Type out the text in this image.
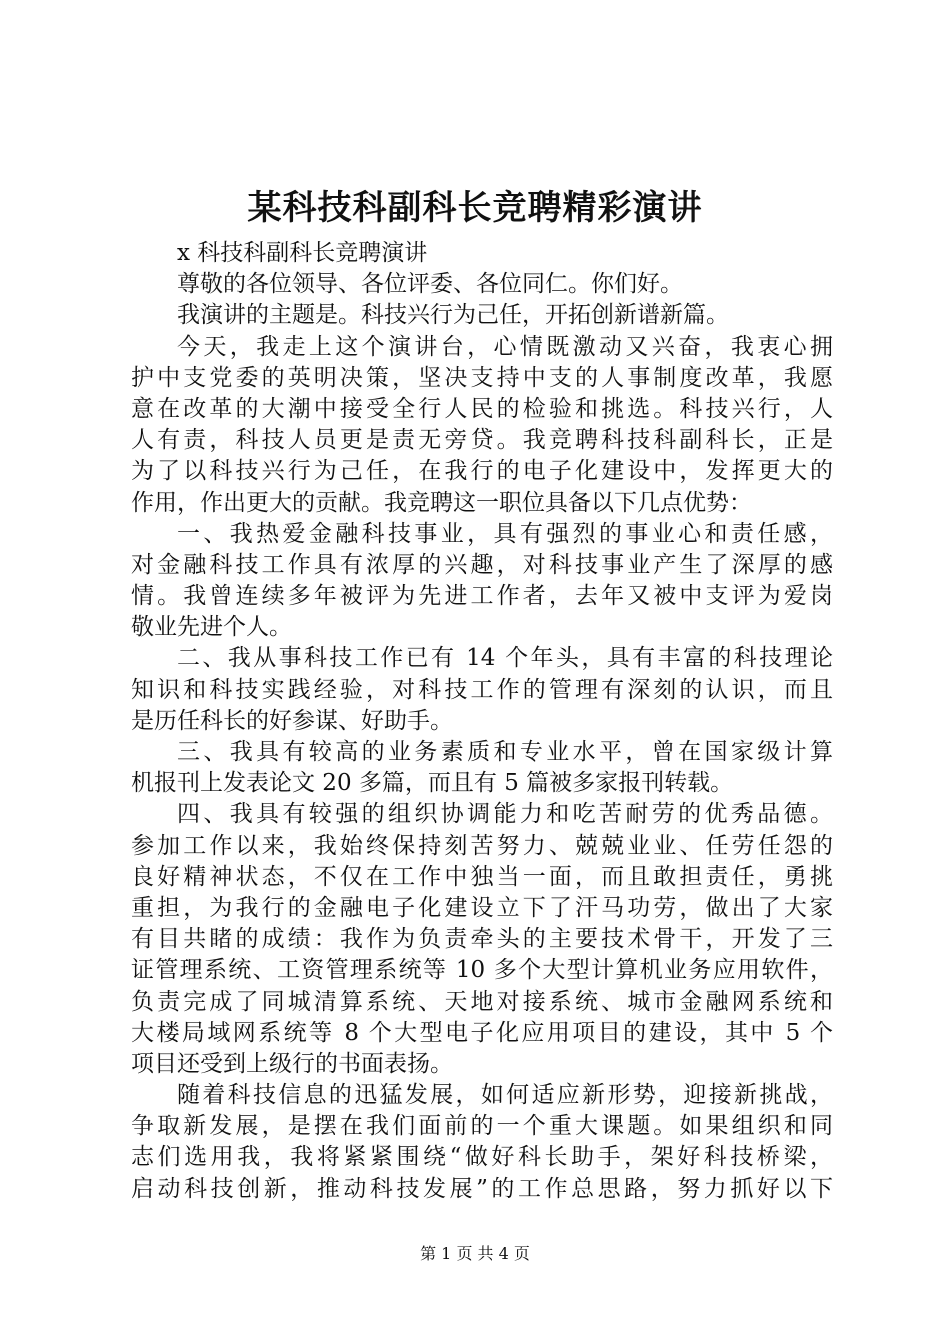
某科技科副科长竞聘精彩演讲
x 科技科副科长竞聘演讲
尊敬的各位领导、各位评委、各位同仁。你们好。
我演讲的主题是。科技兴行为己任，开拓创新谱新篇。
今天，我走上这个演讲台，心情既激动又兴奋，我衷心拥
护中支党委的英明决策，坚决支持中支的人事制度改革，我愿
意在改革的大潮中接受全行人民的检验和挑选。科技兴行，人
人有责，科技人员更是责无旁贷。我竞聘科技科副科长，正是
为了以科技兴行为己任，在我行的电子化建设中，发挥更大的
作用，作出更大的贡献。我竞聘这一职位具备以下几点优势：
一、我热爱金融科技事业，具有强烈的事业心和责任感，
对金融科技工作具有浓厚的兴趣，对科技事业产生了深厚的感
情。我曾连续多年被评为先进工作者，去年又被中支评为爱岗
敬业先进个人。
二、我从事科技工作已有 14 个年头，具有丰富的科技理论
知识和科技实践经验，对科技工作的管理有深刻的认识，而且
是历任科长的好参谋、好助手。
三、我具有较高的业务素质和专业水平，曾在国家级计算
机报刊上发表论文 20 多篇，而且有 5 篇被多家报刊转载。
四、我具有较强的组织协调能力和吃苦耐劳的优秀品德。
参加工作以来，我始终保持刻苦努力、兢兢业业、任劳任怨的
良好精神状态，不仅在工作中独当一面，而且敢担责任，勇挑
重担，为我行的金融电子化建设立下了汗马功劳，做出了大家
有目共睹的成绩：我作为负责牵头的主要技术骨干，开发了三
证管理系统、工资管理系统等 10 多个大型计算机业务应用软件，
负责完成了同城清算系统、天地对接系统、城市金融网系统和
大楼局域网系统等 8 个大型电子化应用项目的建设，其中 5 个
项目还受到上级行的书面表扬。
随着科技信息的迅猛发展，如何适应新形势，迎接新挑战，
争取新发展，是摆在我们面前的一个重大课题。如果组织和同
志们选用我，我将紧紧围绕“做好科长助手，架好科技桥梁，
启动科技创新，推动科技发展”的工作总思路，努力抓好以下
第 1 页 共 4 页
